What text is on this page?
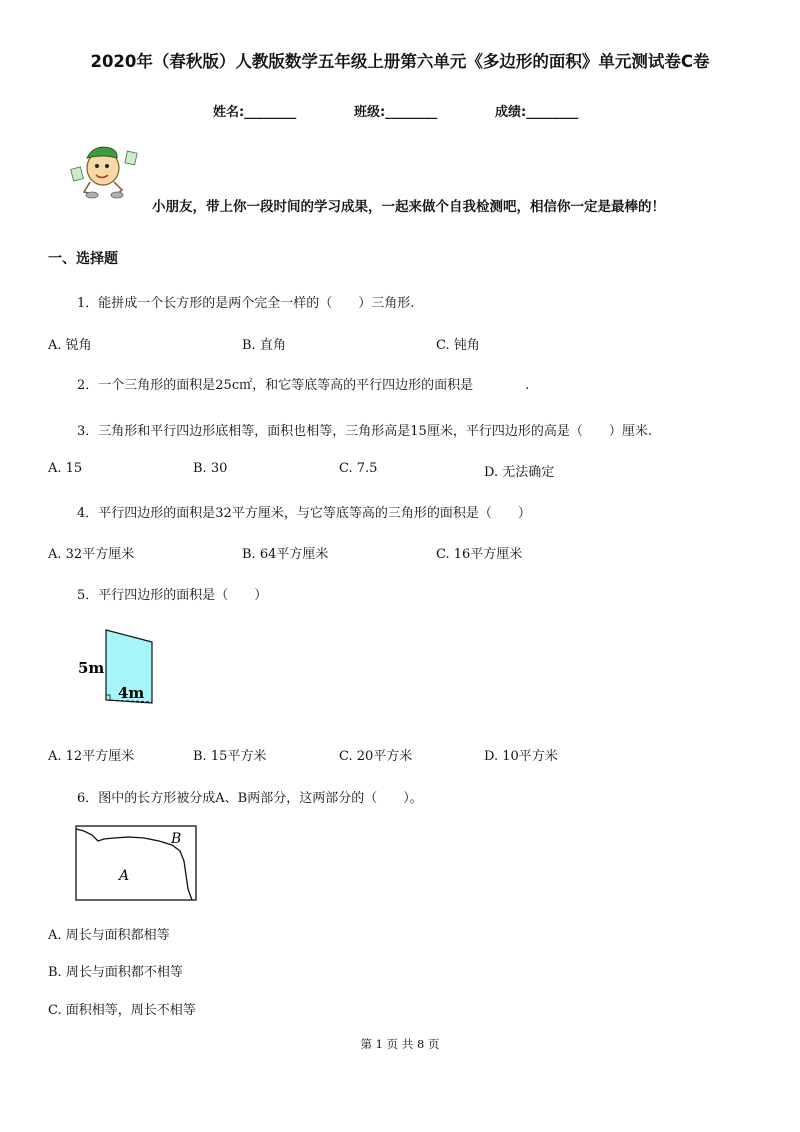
2020年（春秋版）人教版数学五年级上册第六单元《多边形的面积》单元测试卷C卷
姓名:________	班级:________	成绩:________
小朋友，带上你一段时间的学习成果，一起来做个自我检测吧，相信你一定是最棒的！
一、选择题
1．能拼成一个长方形的是两个完全一样的（　　）三角形.
A. 锐角	B. 直角	C. 钝角
2．一个三角形的面积是25c㎡，和它等底等高的平行四边形的面积是　　　　.
3．三角形和平行四边形底相等，面积也相等，三角形高是15厘米，平行四边形的高是（　　）厘米.
A. 15	B. 30	C. 7.5	D. 无法确定
4．平行四边形的面积是32平方厘米，与它等底等高的三角形的面积是（　　）
A. 32平方厘米	B. 64平方厘米	C. 16平方厘米
5．平行四边形的面积是（　　）
5m
4m
A. 12平方厘米	B. 15平方米	C. 20平方米	D. 10平方米
6．图中的长方形被分成A、B两部分，这两部分的（　　）。
A
B
A. 周长与面积都相等
B. 周长与面积都不相等
C. 面积相等，周长不相等
第 1 页 共 8 页
